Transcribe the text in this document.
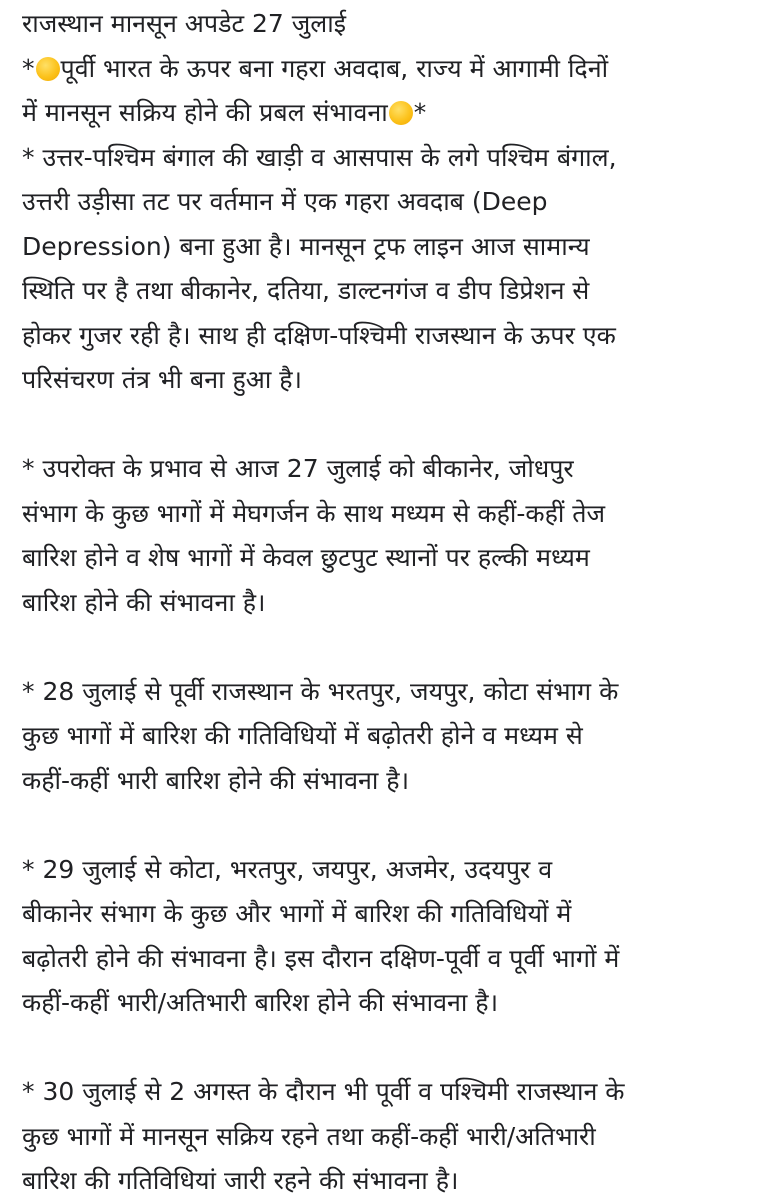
राजस्थान मानसून अपडेट 27 जुलाई
* पूर्वी भारत के ऊपर बना गहरा अवदाब, राज्य में आगामी दिनों
में मानसून सक्रिय होने की प्रबल संभावना *
* उत्तर-पश्चिम बंगाल की खाड़ी व आसपास के लगे पश्चिम बंगाल,
उत्तरी उड़ीसा तट पर वर्तमान में एक गहरा अवदाब (Deep
Depression) बना हुआ है। मानसून ट्रफ लाइन आज सामान्य
स्थिति पर है तथा बीकानेर, दतिया, डाल्टनगंज व डीप डिप्रेशन से
होकर गुजर रही है। साथ ही दक्षिण-पश्चिमी राजस्थान के ऊपर एक
परिसंचरण तंत्र भी बना हुआ है।
* उपरोक्त के प्रभाव से आज 27 जुलाई को बीकानेर, जोधपुर
संभाग के कुछ भागों में मेघगर्जन के साथ मध्यम से कहीं-कहीं तेज
बारिश होने व शेष भागों में केवल छुटपुट स्थानों पर हल्की मध्यम
बारिश होने की संभावना है।
* 28 जुलाई से पूर्वी राजस्थान के भरतपुर, जयपुर, कोटा संभाग के
कुछ भागों में बारिश की गतिविधियों में बढ़ोतरी होने व मध्यम से
कहीं-कहीं भारी बारिश होने की संभावना है।
* 29 जुलाई से कोटा, भरतपुर, जयपुर, अजमेर, उदयपुर व
बीकानेर संभाग के कुछ और भागों में बारिश की गतिविधियों में
बढ़ोतरी होने की संभावना है। इस दौरान दक्षिण-पूर्वी व पूर्वी भागों में
कहीं-कहीं भारी/अतिभारी बारिश होने की संभावना है।
* 30 जुलाई से 2 अगस्त के दौरान भी पूर्वी व पश्चिमी राजस्थान के
कुछ भागों में मानसून सक्रिय रहने तथा कहीं-कहीं भारी/अतिभारी
बारिश की गतिविधियां जारी रहने की संभावना है।
